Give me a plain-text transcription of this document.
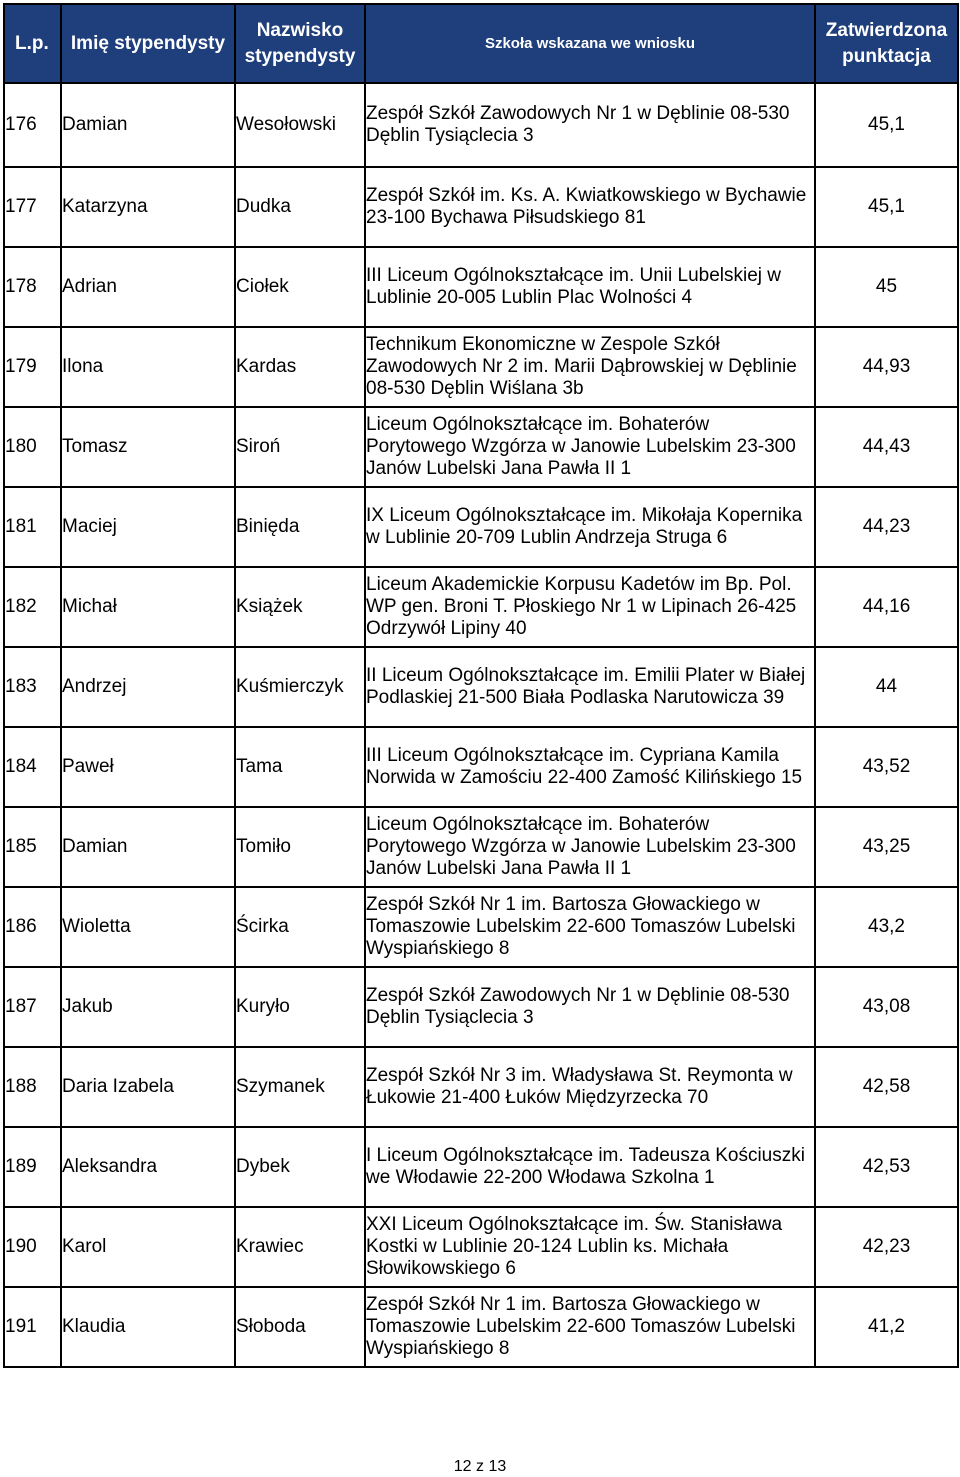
L.p.	Imię stypendysty	Nazwisko stypendysty	Szkoła wskazana we wniosku	Zatwierdzona punktacja
176	Damian	Wesołowski	Zespół Szkół Zawodowych Nr 1 w Dęblinie 08-530 Dęblin Tysiąclecia 3	45,1
177	Katarzyna	Dudka	Zespół Szkół im. Ks. A. Kwiatkowskiego w Bychawie 23-100 Bychawa Piłsudskiego 81	45,1
178	Adrian	Ciołek	III Liceum Ogólnokształcące im. Unii Lubelskiej w Lublinie 20-005 Lublin Plac Wolności 4	45
179	Ilona	Kardas	Technikum Ekonomiczne w Zespole Szkół Zawodowych Nr 2 im. Marii Dąbrowskiej w Dęblinie 08-530 Dęblin Wiślana 3b	44,93
180	Tomasz	Siroń	Liceum Ogólnokształcące im. Bohaterów Porytowego Wzgórza w Janowie Lubelskim 23-300 Janów Lubelski Jana Pawła II 1	44,43
181	Maciej	Binięda	IX Liceum Ogólnokształcące im. Mikołaja Kopernika w Lublinie 20-709 Lublin Andrzeja Struga 6	44,23
182	Michał	Książek	Liceum Akademickie Korpusu Kadetów im Bp. Pol. WP gen. Broni T. Płoskiego Nr 1 w Lipinach 26-425 Odrzywół Lipiny 40	44,16
183	Andrzej	Kuśmierczyk	II Liceum Ogólnokształcące im. Emilii Plater w Białej Podlaskiej 21-500 Biała Podlaska Narutowicza 39	44
184	Paweł	Tama	III Liceum Ogólnokształcące im. Cypriana Kamila Norwida w Zamościu 22-400 Zamość Kilińskiego 15	43,52
185	Damian	Tomiło	Liceum Ogólnokształcące im. Bohaterów Porytowego Wzgórza w Janowie Lubelskim 23-300 Janów Lubelski Jana Pawła II 1	43,25
186	Wioletta	Ścirka	Zespół Szkół Nr 1 im. Bartosza Głowackiego w Tomaszowie Lubelskim 22-600 Tomaszów Lubelski Wyspiańskiego 8	43,2
187	Jakub	Kuryło	Zespół Szkół Zawodowych Nr 1 w Dęblinie 08-530 Dęblin Tysiąclecia 3	43,08
188	Daria Izabela	Szymanek	Zespół Szkół Nr 3 im. Władysława St. Reymonta w Łukowie 21-400 Łuków Międzyrzecka 70	42,58
189	Aleksandra	Dybek	I Liceum Ogólnokształcące im. Tadeusza Kościuszki we Włodawie 22-200 Włodawa Szkolna 1	42,53
190	Karol	Krawiec	XXI Liceum Ogólnokształcące im. Św. Stanisława Kostki w Lublinie 20-124 Lublin ks. Michała Słowikowskiego 6	42,23
191	Klaudia	Słoboda	Zespół Szkół Nr 1 im. Bartosza Głowackiego w Tomaszowie Lubelskim 22-600 Tomaszów Lubelski Wyspiańskiego 8	41,2
12 z 13
